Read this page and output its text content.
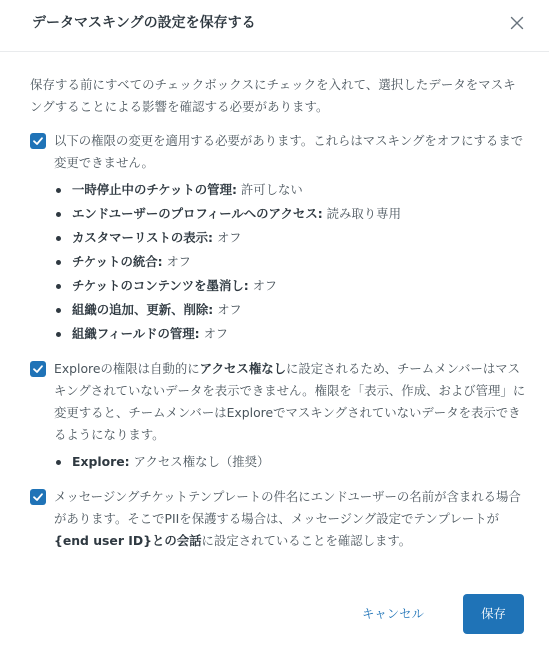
データマスキングの設定を保存する

保存する前にすべてのチェックボックスにチェックを入れて、選択したデータをマスキングすることによる影響を確認する必要があります。

以下の権限の変更を適用する必要があります。これらはマスキングをオフにするまで変更できません。

一時停止中のチケットの管理: 許可しない
エンドユーザーのプロフィールへのアクセス: 読み取り専用
カスタマーリストの表示: オフ
チケットの統合: オフ
チケットのコンテンツを墨消し: オフ
組織の追加、更新、削除: オフ
組織フィールドの管理: オフ

Exploreの権限は自動的にアクセス権なしに設定されるため、チームメンバーはマスキングされていないデータを表示できません。権限を「表示、作成、および管理」に変更すると、チームメンバーはExploreでマスキングされていないデータを表示できるようになります。

Explore: アクセス権なし（推奨）

メッセージングチケットテンプレートの件名にエンドユーザーの名前が含まれる場合があります。そこでPIIを保護する場合は、メッセージング設定でテンプレートが{end user ID}との会話に設定されていることを確認します。

キャンセル	保存
